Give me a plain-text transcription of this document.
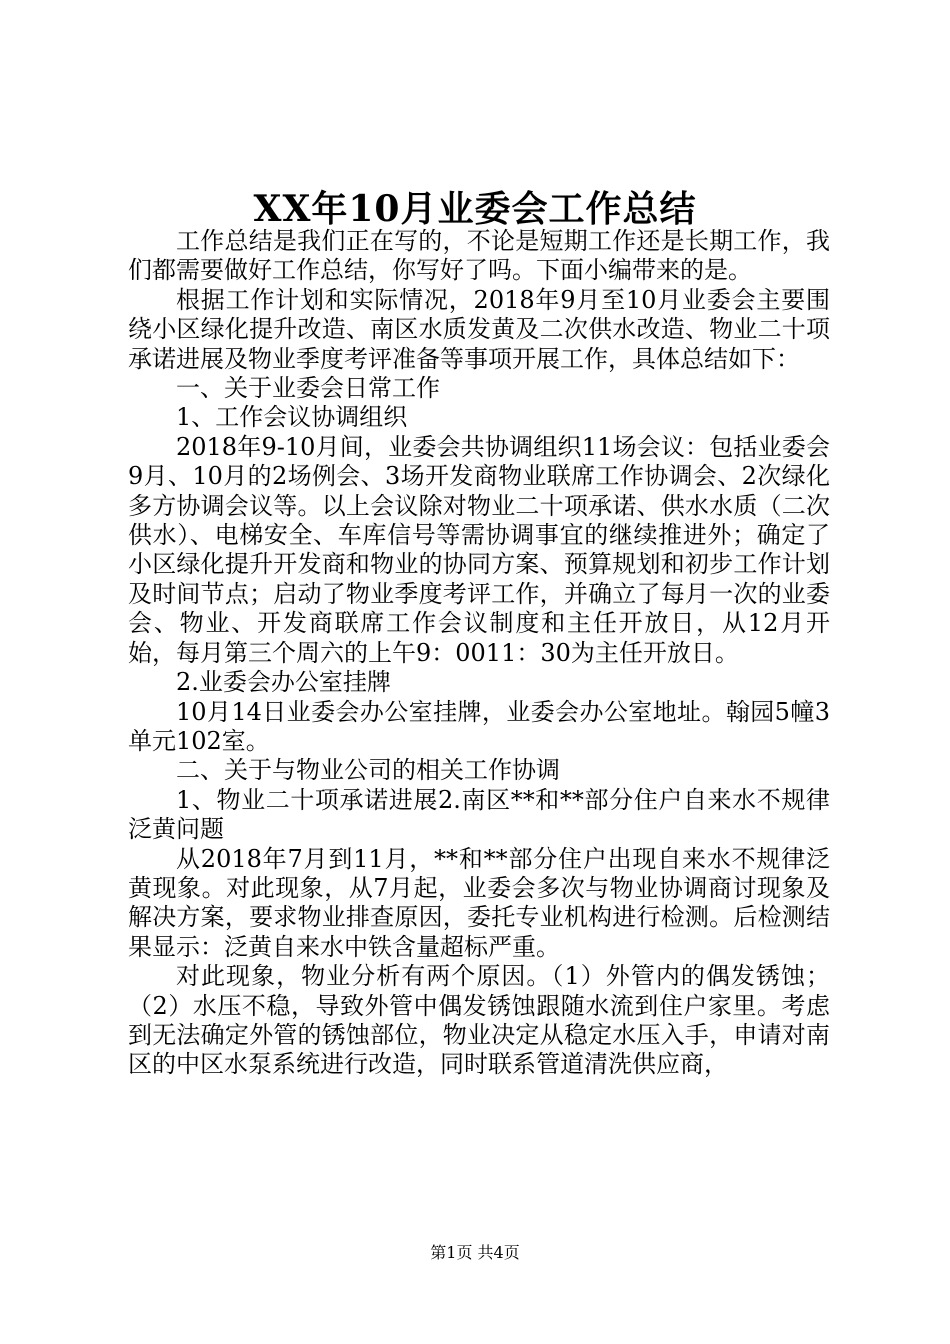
XX年10月业委会工作总结

工作总结是我们正在写的，不论是短期工作还是长期工作，我们都需要做好工作总结，你写好了吗。下面小编带来的是。

根据工作计划和实际情况，2018年9月至10月业委会主要围绕小区绿化提升改造、南区水质发黄及二次供水改造、物业二十项承诺进展及物业季度考评准备等事项开展工作，具体总结如下：

一、关于业委会日常工作

1、工作会议协调组织

2018年9-10月间，业委会共协调组织11场会议：包括业委会9月、10月的2场例会、3场开发商物业联席工作协调会、2次绿化多方协调会议等。以上会议除对物业二十项承诺、供水水质（二次供水）、电梯安全、车库信号等需协调事宜的继续推进外；确定了小区绿化提升开发商和物业的协同方案、预算规划和初步工作计划及时间节点；启动了物业季度考评工作，并确立了每月一次的业委会、物业、开发商联席工作会议制度和主任开放日，从12月开始，每月第三个周六的上午9：0011：30为主任开放日。

2.业委会办公室挂牌

10月14日业委会办公室挂牌，业委会办公室地址。翰园5幢3单元102室。

二、关于与物业公司的相关工作协调

1、物业二十项承诺进展2.南区**和**部分住户自来水不规律泛黄问题

从2018年7月到11月，**和**部分住户出现自来水不规律泛黄现象。对此现象，从7月起，业委会多次与物业协调商讨现象及解决方案，要求物业排查原因，委托专业机构进行检测。后检测结果显示：泛黄自来水中铁含量超标严重。

对此现象，物业分析有两个原因。（1）外管内的偶发锈蚀；（2）水压不稳，导致外管中偶发锈蚀跟随水流到住户家里。考虑到无法确定外管的锈蚀部位，物业决定从稳定水压入手，申请对南区的中区水泵系统进行改造，同时联系管道清洗供应商，

第1页 共4页
